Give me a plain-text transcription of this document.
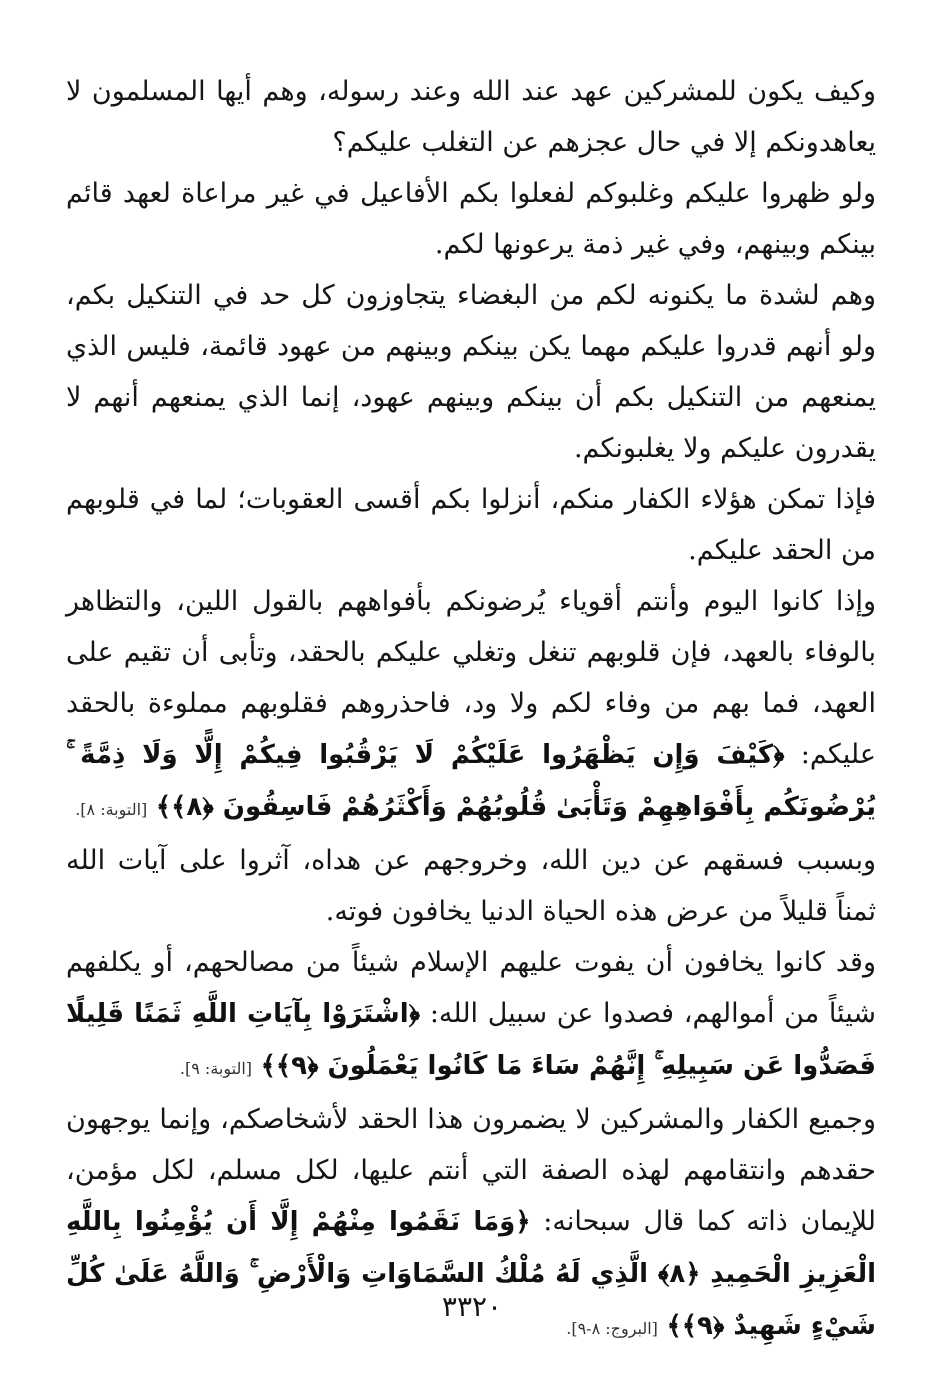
وكيف يكون للمشركين عهد عند الله وعند رسوله، وهم أيها المسلمون لا يعاهدونكم إلا في حال عجزهم عن التغلب عليكم؟

ولو ظهروا عليكم وغلبوكم لفعلوا بكم الأفاعيل في غير مراعاة لعهد قائم بينكم وبينهم، وفي غير ذمة يرعونها لكم.

وهم لشدة ما يكنونه لكم من البغضاء يتجاوزون كل حد في التنكيل بكم، ولو أنهم قدروا عليكم مهما يكن بينكم وبينهم من عهود قائمة، فليس الذي يمنعهم من التنكيل بكم أن بينكم وبينهم عهود، إنما الذي يمنعهم أنهم لا يقدرون عليكم ولا يغلبونكم.

فإذا تمكن هؤلاء الكفار منكم، أنزلوا بكم أقسى العقوبات؛ لما في قلوبهم من الحقد عليكم.

وإذا كانوا اليوم وأنتم أقوياء يُرضونكم بأفواههم بالقول اللين، والتظاهر بالوفاء بالعهد، فإن قلوبهم تنغل وتغلي عليكم بالحقد، وتأبى أن تقيم على العهد، فما بهم من وفاء لكم ولا ود، فاحذروهم فقلوبهم مملوءة بالحقد عليكم: ﴿كَيْفَ وَإِن يَظْهَرُوا عَلَيْكُمْ لَا يَرْقُبُوا فِيكُمْ إِلًّا وَلَا ذِمَّةً ۚ يُرْضُونَكُم بِأَفْوَاهِهِمْ وَتَأْبَىٰ قُلُوبُهُمْ وَأَكْثَرُهُمْ فَاسِقُونَ ﴿٨﴾﴾ [التوبة: ٨].

وبسبب فسقهم عن دين الله، وخروجهم عن هداه، آثروا على آيات الله ثمناً قليلاً من عرض هذه الحياة الدنيا يخافون فوته.

وقد كانوا يخافون أن يفوت عليهم الإسلام شيئاً من مصالحهم، أو يكلفهم شيئاً من أموالهم، فصدوا عن سبيل الله: ﴿اشْتَرَوْا بِآيَاتِ اللَّهِ ثَمَنًا قَلِيلًا فَصَدُّوا عَن سَبِيلِهِ ۚ إِنَّهُمْ سَاءَ مَا كَانُوا يَعْمَلُونَ ﴿٩﴾﴾ [التوبة: ٩].

وجميع الكفار والمشركين لا يضمرون هذا الحقد لأشخاصكم، وإنما يوجهون حقدهم وانتقامهم لهذه الصفة التي أنتم عليها، لكل مسلم، لكل مؤمن، للإيمان ذاته كما قال سبحانه: ﴿وَمَا نَقَمُوا مِنْهُمْ إِلَّا أَن يُؤْمِنُوا بِاللَّهِ الْعَزِيزِ الْحَمِيدِ ﴿٨﴾ الَّذِي لَهُ مُلْكُ السَّمَاوَاتِ وَالْأَرْضِ ۚ وَاللَّهُ عَلَىٰ كُلِّ شَيْءٍ شَهِيدٌ ﴿٩﴾﴾ [البروج: ٨-٩].

٣٣٢٠
